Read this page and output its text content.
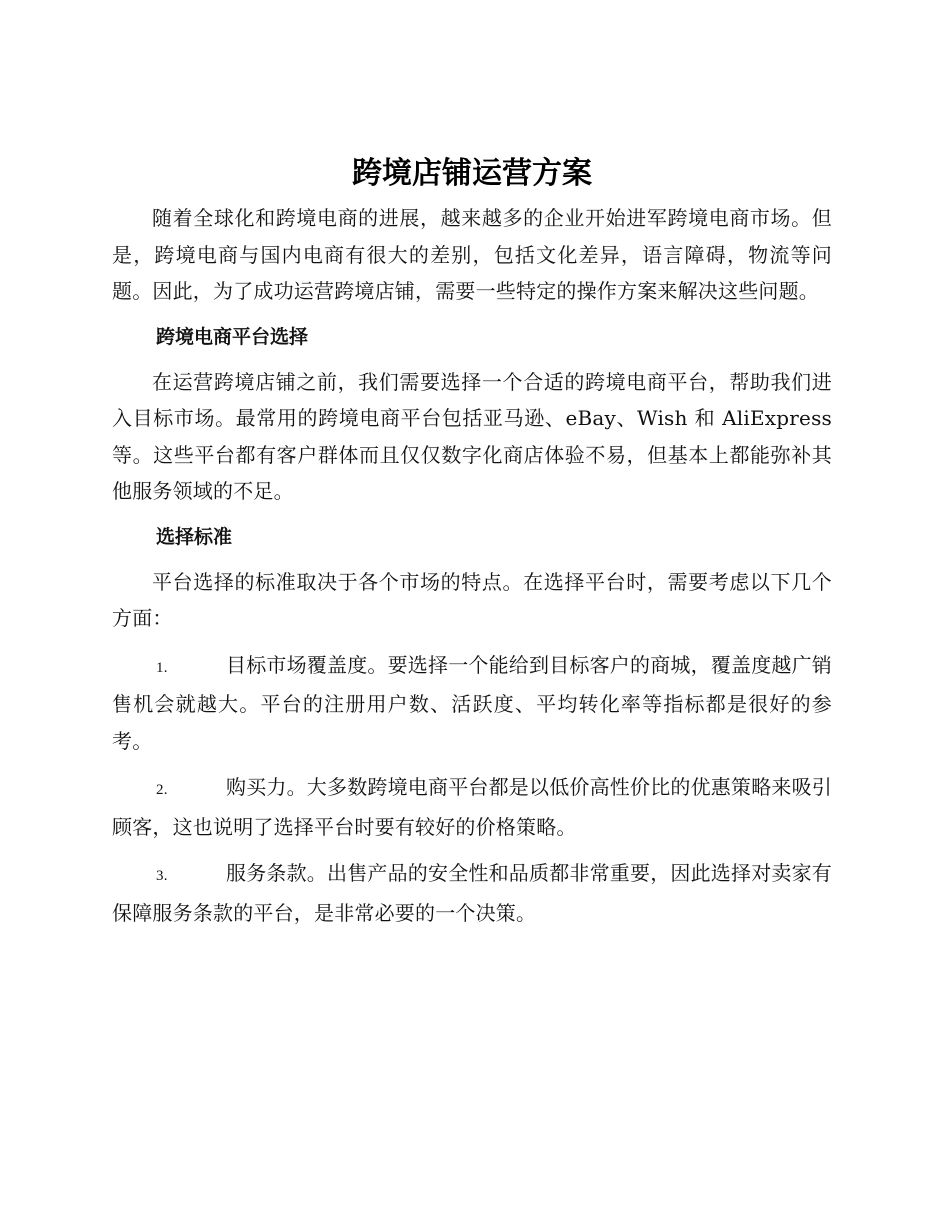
跨境店铺运营方案

随着全球化和跨境电商的进展，越来越多的企业开始进军跨境电商市场。但是，跨境电商与国内电商有很大的差别，包括文化差异，语言障碍，物流等问题。因此，为了成功运营跨境店铺，需要一些特定的操作方案来解决这些问题。

跨境电商平台选择

在运营跨境店铺之前，我们需要选择一个合适的跨境电商平台，帮助我们进入目标市场。最常用的跨境电商平台包括亚马逊、eBay、Wish 和 AliExpress 等。这些平台都有客户群体而且仅仅数字化商店体验不易，但基本上都能弥补其他服务领域的不足。

选择标准

平台选择的标准取决于各个市场的特点。在选择平台时，需要考虑以下几个方面：

1.	目标市场覆盖度。要选择一个能给到目标客户的商城，覆盖度越广销售机会就越大。平台的注册用户数、活跃度、平均转化率等指标都是很好的参考。

2.	购买力。大多数跨境电商平台都是以低价高性价比的优惠策略来吸引顾客，这也说明了选择平台时要有较好的价格策略。

3.	服务条款。出售产品的安全性和品质都非常重要，因此选择对卖家有保障服务条款的平台，是非常必要的一个决策。
